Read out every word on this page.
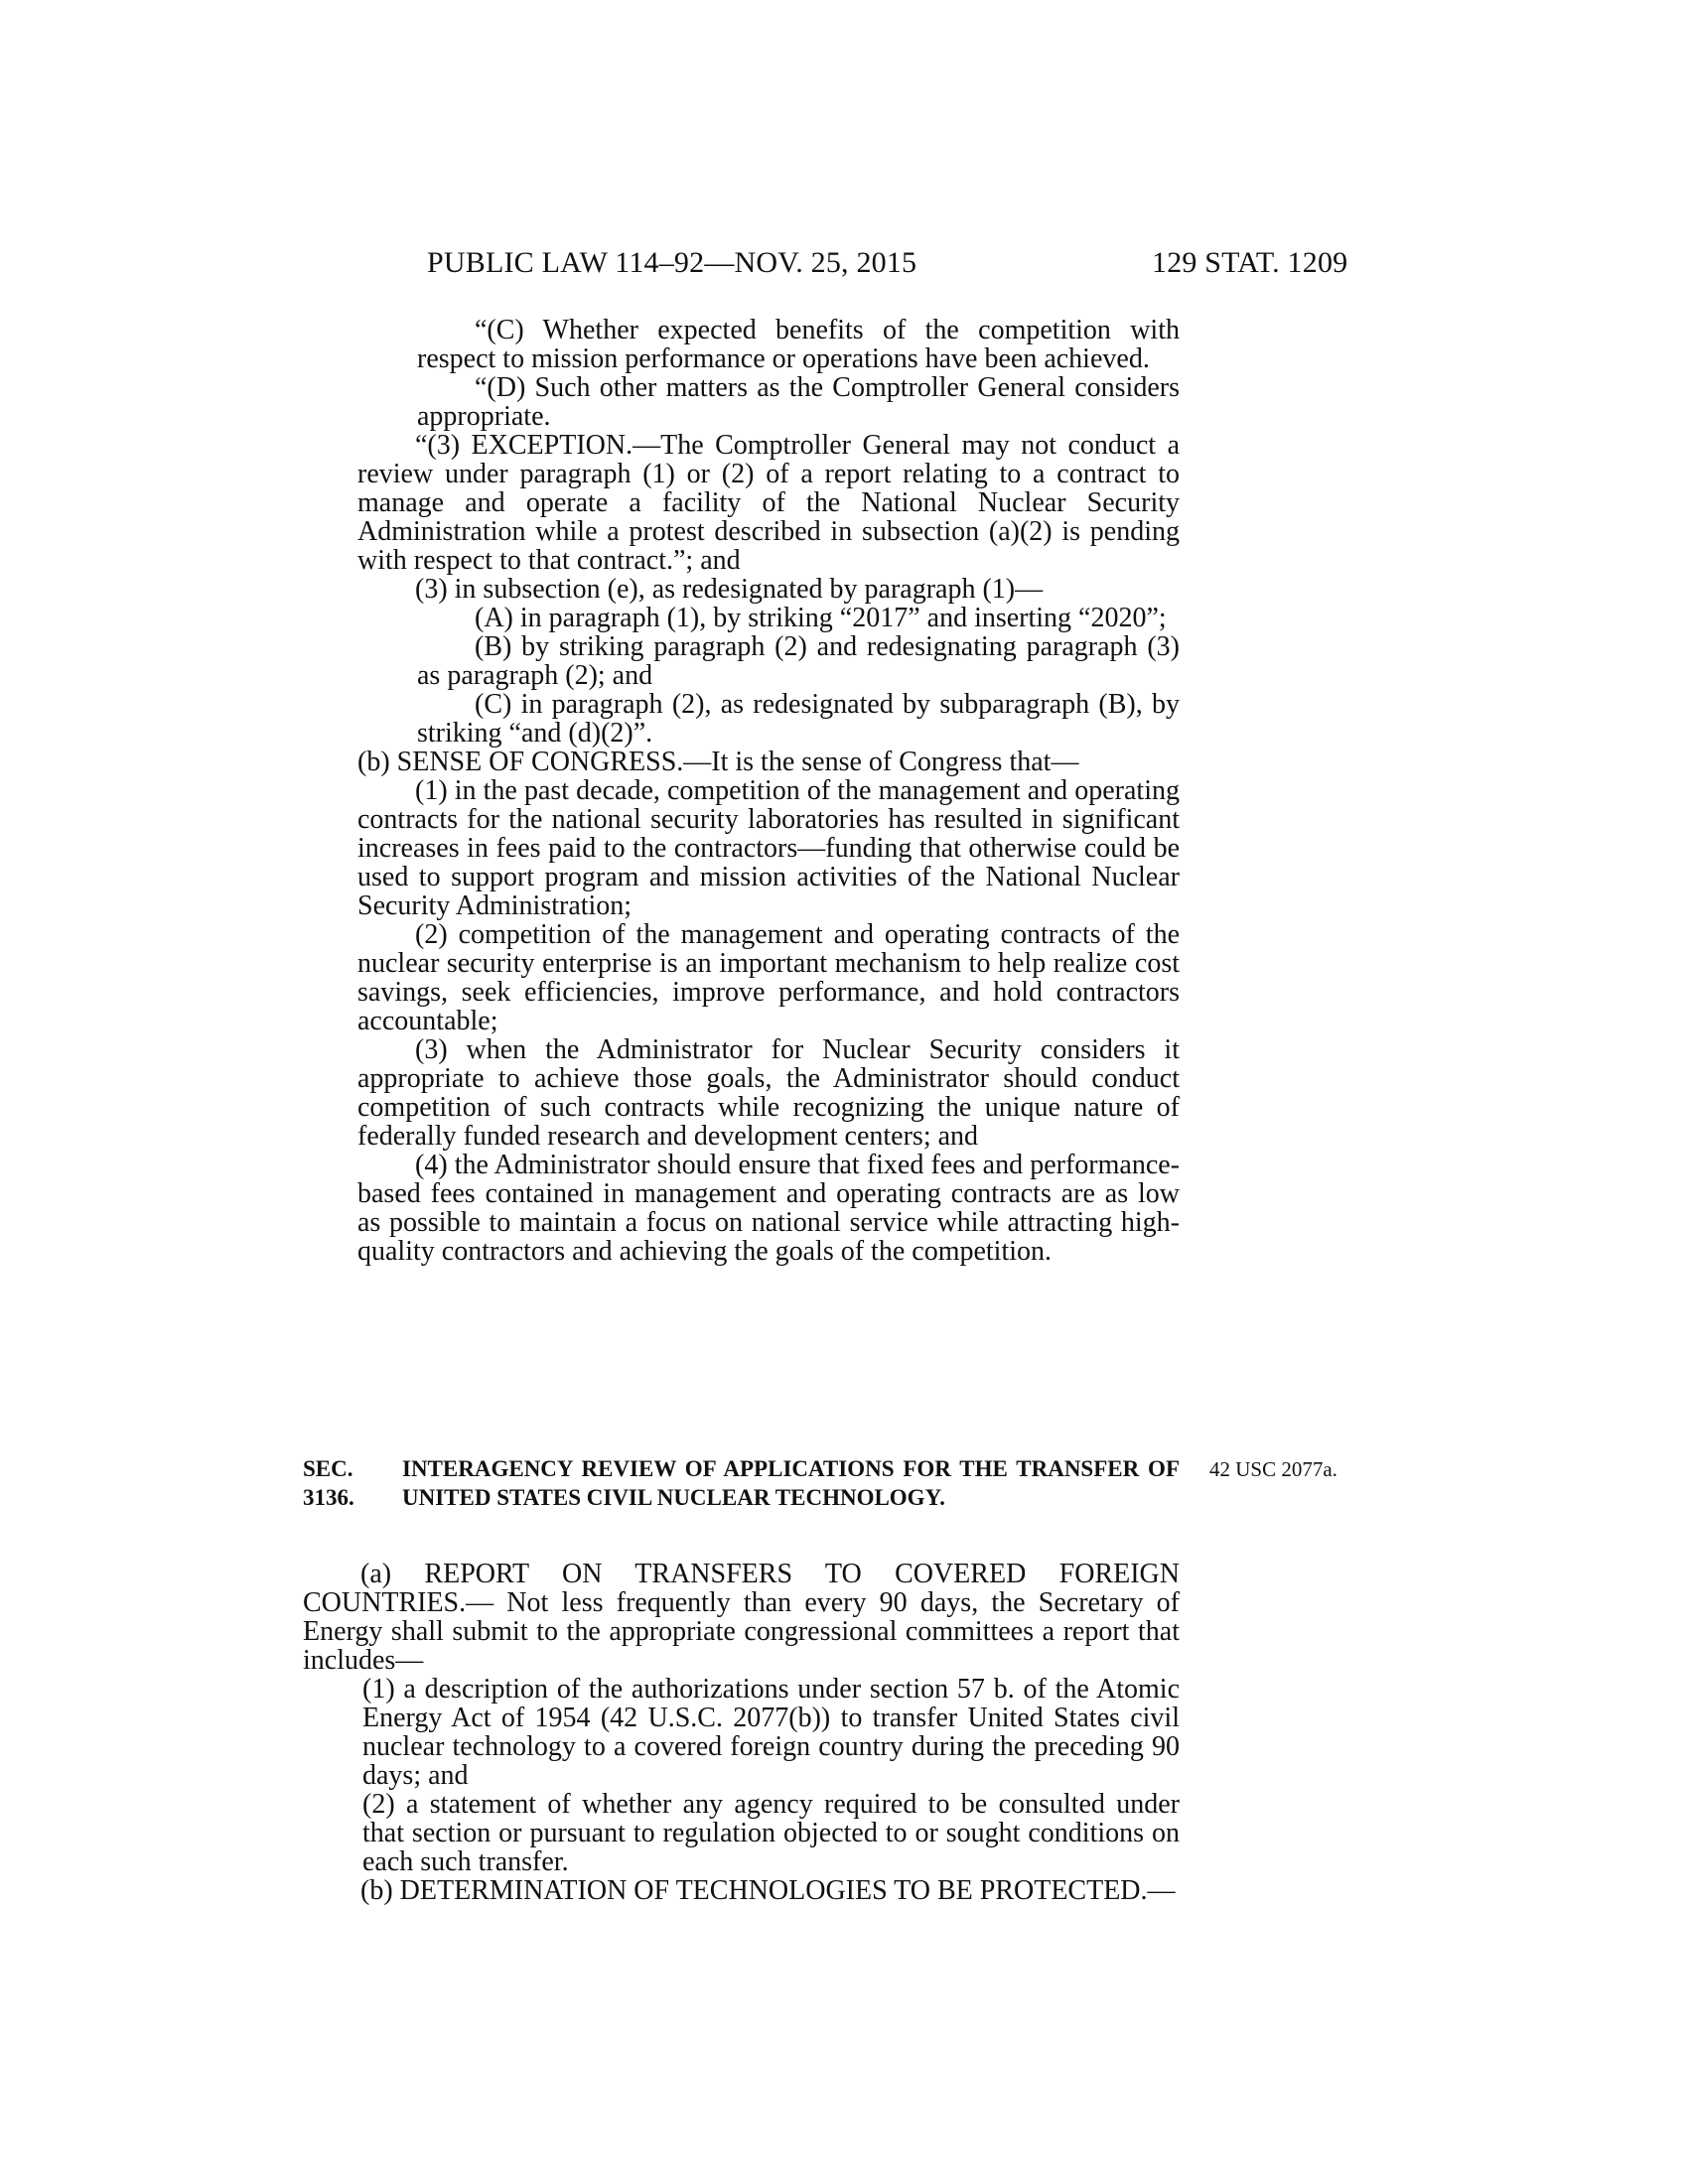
PUBLIC LAW 114–92—NOV. 25, 2015	129 STAT. 1209

“(C) Whether expected benefits of the competition with respect to mission performance or operations have been achieved.

“(D) Such other matters as the Comptroller General considers appropriate.

“(3) EXCEPTION.—The Comptroller General may not conduct a review under paragraph (1) or (2) of a report relating to a contract to manage and operate a facility of the National Nuclear Security Administration while a protest described in subsection (a)(2) is pending with respect to that contract.”; and

(3) in subsection (e), as redesignated by paragraph (1)—

(A) in paragraph (1), by striking “2017” and inserting “2020”;

(B) by striking paragraph (2) and redesignating paragraph (3) as paragraph (2); and

(C) in paragraph (2), as redesignated by subparagraph (B), by striking “and (d)(2)”.

(b) SENSE OF CONGRESS.—It is the sense of Congress that—

(1) in the past decade, competition of the management and operating contracts for the national security laboratories has resulted in significant increases in fees paid to the contractors—funding that otherwise could be used to support program and mission activities of the National Nuclear Security Administration;

(2) competition of the management and operating contracts of the nuclear security enterprise is an important mechanism to help realize cost savings, seek efficiencies, improve performance, and hold contractors accountable;

(3) when the Administrator for Nuclear Security considers it appropriate to achieve those goals, the Administrator should conduct competition of such contracts while recognizing the unique nature of federally funded research and development centers; and

(4) the Administrator should ensure that fixed fees and performance-based fees contained in management and operating contracts are as low as possible to maintain a focus on national service while attracting high-quality contractors and achieving the goals of the competition.

SEC. 3136.
INTERAGENCY REVIEW OF APPLICATIONS FOR THE TRANSFER OF UNITED STATES CIVIL NUCLEAR TECHNOLOGY.
42 USC 2077a.

(a) REPORT ON TRANSFERS TO COVERED FOREIGN COUNTRIES.— Not less frequently than every 90 days, the Secretary of Energy shall submit to the appropriate congressional committees a report that includes—

(1) a description of the authorizations under section 57 b. of the Atomic Energy Act of 1954 (42 U.S.C. 2077(b)) to transfer United States civil nuclear technology to a covered foreign country during the preceding 90 days; and

(2) a statement of whether any agency required to be consulted under that section or pursuant to regulation objected to or sought conditions on each such transfer.

(b) DETERMINATION OF TECHNOLOGIES TO BE PROTECTED.—
